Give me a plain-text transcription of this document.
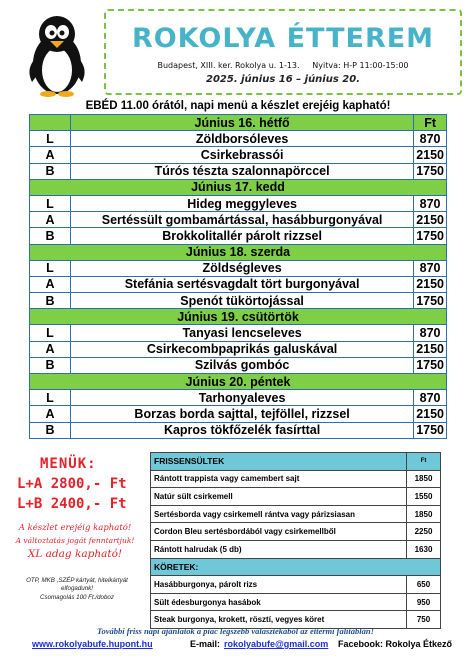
ROKOLYA ÉTTEREM
Budapest, XIII. ker. Rokolya u. 1-13. Nyitva: H-P 11:00-15:00
2025. június 16 – június 20.
EBÉD 11.00 órától, napi menü a készlet erejéig kapható!
	Június 16. hétfő	Ft
L	Zöldborsóleves	870
A	Csirkebrassói	2150
B	Túrós tészta szalonnapörccel	1750
Június 17. kedd		
L	Hideg meggyleves	870
A	Sertéssült gombamártással, hasábburgonyával	2150
B	Brokkolitallér párolt rizzsel	1750
Június 18. szerda		
L	Zöldségleves	870
A	Stefánia sertésvagdalt tört burgonyával	2150
B	Spenót tükörtojással	1750
Június 19. csütörtök		
L	Tanyasi lencseleves	870
A	Csirkecombpaprikás galuskával	2150
B	Szilvás gombóc	1750
Június 20. péntek		
L	Tarhonyaleves	870
A	Borzas borda sajttal, tejföllel, rizzsel	2150
B	Kapros tökfőzelék fasírttal	1750
MENÜK:
L+A 2800,- Ft
L+B 2400,- Ft
A készlet erejéig kapható!
A változtatás jogát fenntartjuk!
XL adag kapható!
OTP, MKB ,SZÉP kártyát, hitelkártyát elfogadunk!
Csomagolás 100 Ft./doboz
FRISSENSÜLTEK	Ft
Rántott trappista vagy camembert sajt	1850
Natúr sült csirkemell	1550
Sertésborda vagy csirkemell rántva vagy párizsiasan	1850
Cordon Bleu sertésbordából vagy csirkemellből	2250
Rántott halrudak (5 db)	1630
KÖRETEK:	
Hasábburgonya, párolt rizs	650
Sült édesburgonya hasábok	950
Steak burgonya, krokett, rösztí, vegyes köret	750
További friss napi ajánlatok a piac legszebb választékából az éttermi falitáblán!
www.rokolyabufe.hupont.hu	E-mail: rokolyabufe@gmail.com Facebook: Rokolya Étkező
